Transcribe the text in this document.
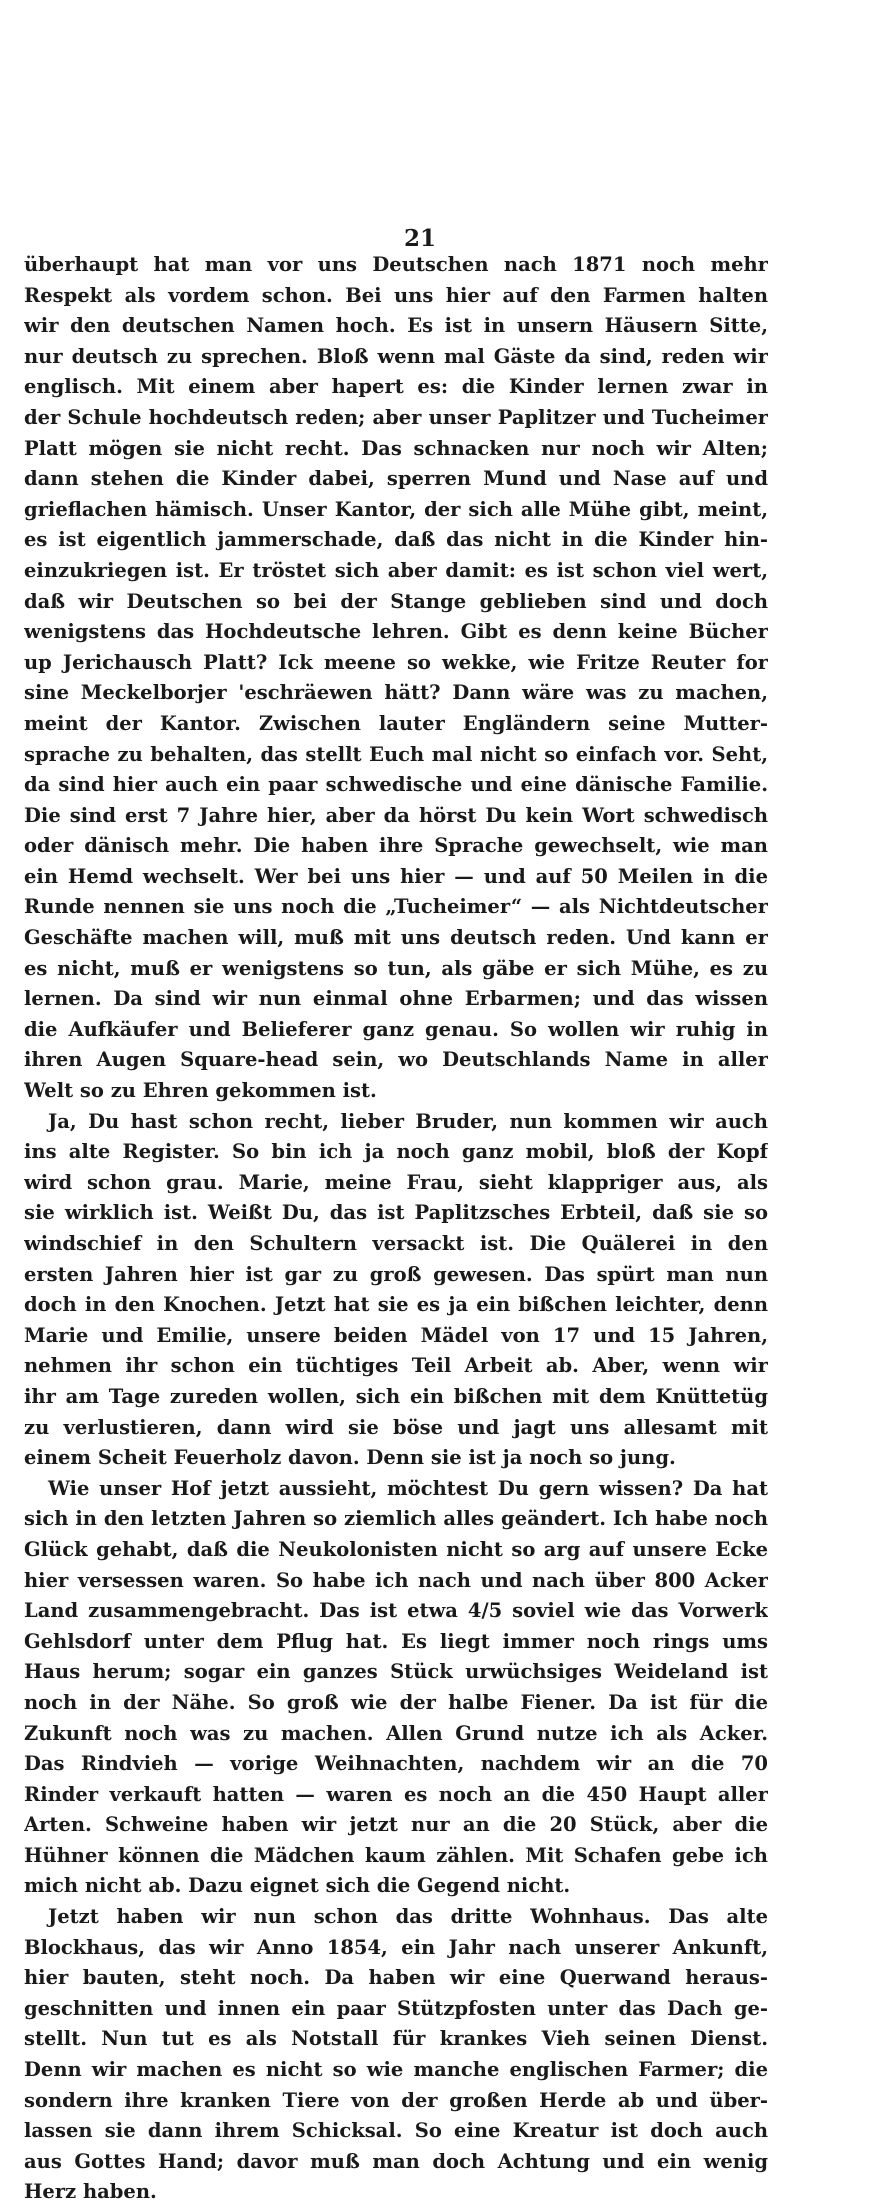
21
überhaupt hat man vor uns Deutschen nach 1871 noch mehr
Respekt als vordem schon. Bei uns hier auf den Farmen halten
wir den deutschen Namen hoch. Es ist in unsern Häusern Sitte,
nur deutsch zu sprechen. Bloß wenn mal Gäste da sind, reden wir
englisch. Mit einem aber hapert es: die Kinder lernen zwar in
der Schule hochdeutsch reden; aber unser Paplitzer und Tucheimer
Platt mögen sie nicht recht. Das schnacken nur noch wir Alten;
dann stehen die Kinder dabei, sperren Mund und Nase auf und
grieflachen hämisch. Unser Kantor, der sich alle Mühe gibt, meint,
es ist eigentlich jammerschade, daß das nicht in die Kinder hin-
einzukriegen ist. Er tröstet sich aber damit: es ist schon viel wert,
daß wir Deutschen so bei der Stange geblieben sind und doch
wenigstens das Hochdeutsche lehren. Gibt es denn keine Bücher
up Jerichausch Platt? Ick meene so wekke, wie Fritze Reuter for
sine Meckelborjer 'eschräewen hätt? Dann wäre was zu machen,
meint der Kantor. Zwischen lauter Engländern seine Mutter-
sprache zu behalten, das stellt Euch mal nicht so einfach vor. Seht,
da sind hier auch ein paar schwedische und eine dänische Familie.
Die sind erst 7 Jahre hier, aber da hörst Du kein Wort schwedisch
oder dänisch mehr. Die haben ihre Sprache gewechselt, wie man
ein Hemd wechselt. Wer bei uns hier — und auf 50 Meilen in die
Runde nennen sie uns noch die „Tucheimer“ — als Nichtdeutscher
Geschäfte machen will, muß mit uns deutsch reden. Und kann er
es nicht, muß er wenigstens so tun, als gäbe er sich Mühe, es zu
lernen. Da sind wir nun einmal ohne Erbarmen; und das wissen
die Aufkäufer und Belieferer ganz genau. So wollen wir ruhig in
ihren Augen Square-head sein, wo Deutschlands Name in aller
Welt so zu Ehren gekommen ist.
Ja, Du hast schon recht, lieber Bruder, nun kommen wir auch
ins alte Register. So bin ich ja noch ganz mobil, bloß der Kopf
wird schon grau. Marie, meine Frau, sieht klappriger aus, als
sie wirklich ist. Weißt Du, das ist Paplitzsches Erbteil, daß sie so
windschief in den Schultern versackt ist. Die Quälerei in den
ersten Jahren hier ist gar zu groß gewesen. Das spürt man nun
doch in den Knochen. Jetzt hat sie es ja ein bißchen leichter, denn
Marie und Emilie, unsere beiden Mädel von 17 und 15 Jahren,
nehmen ihr schon ein tüchtiges Teil Arbeit ab. Aber, wenn wir
ihr am Tage zureden wollen, sich ein bißchen mit dem Knüttetüg
zu verlustieren, dann wird sie böse und jagt uns allesamt mit
einem Scheit Feuerholz davon. Denn sie ist ja noch so jung.
Wie unser Hof jetzt aussieht, möchtest Du gern wissen? Da hat
sich in den letzten Jahren so ziemlich alles geändert. Ich habe noch
Glück gehabt, daß die Neukolonisten nicht so arg auf unsere Ecke
hier versessen waren. So habe ich nach und nach über 800 Acker
Land zusammengebracht. Das ist etwa 4/5 soviel wie das Vorwerk
Gehlsdorf unter dem Pflug hat. Es liegt immer noch rings ums
Haus herum; sogar ein ganzes Stück urwüchsiges Weideland ist
noch in der Nähe. So groß wie der halbe Fiener. Da ist für die
Zukunft noch was zu machen. Allen Grund nutze ich als Acker.
Das Rindvieh — vorige Weihnachten, nachdem wir an die 70
Rinder verkauft hatten — waren es noch an die 450 Haupt aller
Arten. Schweine haben wir jetzt nur an die 20 Stück, aber die
Hühner können die Mädchen kaum zählen. Mit Schafen gebe ich
mich nicht ab. Dazu eignet sich die Gegend nicht.
Jetzt haben wir nun schon das dritte Wohnhaus. Das alte
Blockhaus, das wir Anno 1854, ein Jahr nach unserer Ankunft,
hier bauten, steht noch. Da haben wir eine Querwand heraus-
geschnitten und innen ein paar Stützpfosten unter das Dach ge-
stellt. Nun tut es als Notstall für krankes Vieh seinen Dienst.
Denn wir machen es nicht so wie manche englischen Farmer; die
sondern ihre kranken Tiere von der großen Herde ab und über-
lassen sie dann ihrem Schicksal. So eine Kreatur ist doch auch
aus Gottes Hand; davor muß man doch Achtung und ein wenig
Herz haben.
